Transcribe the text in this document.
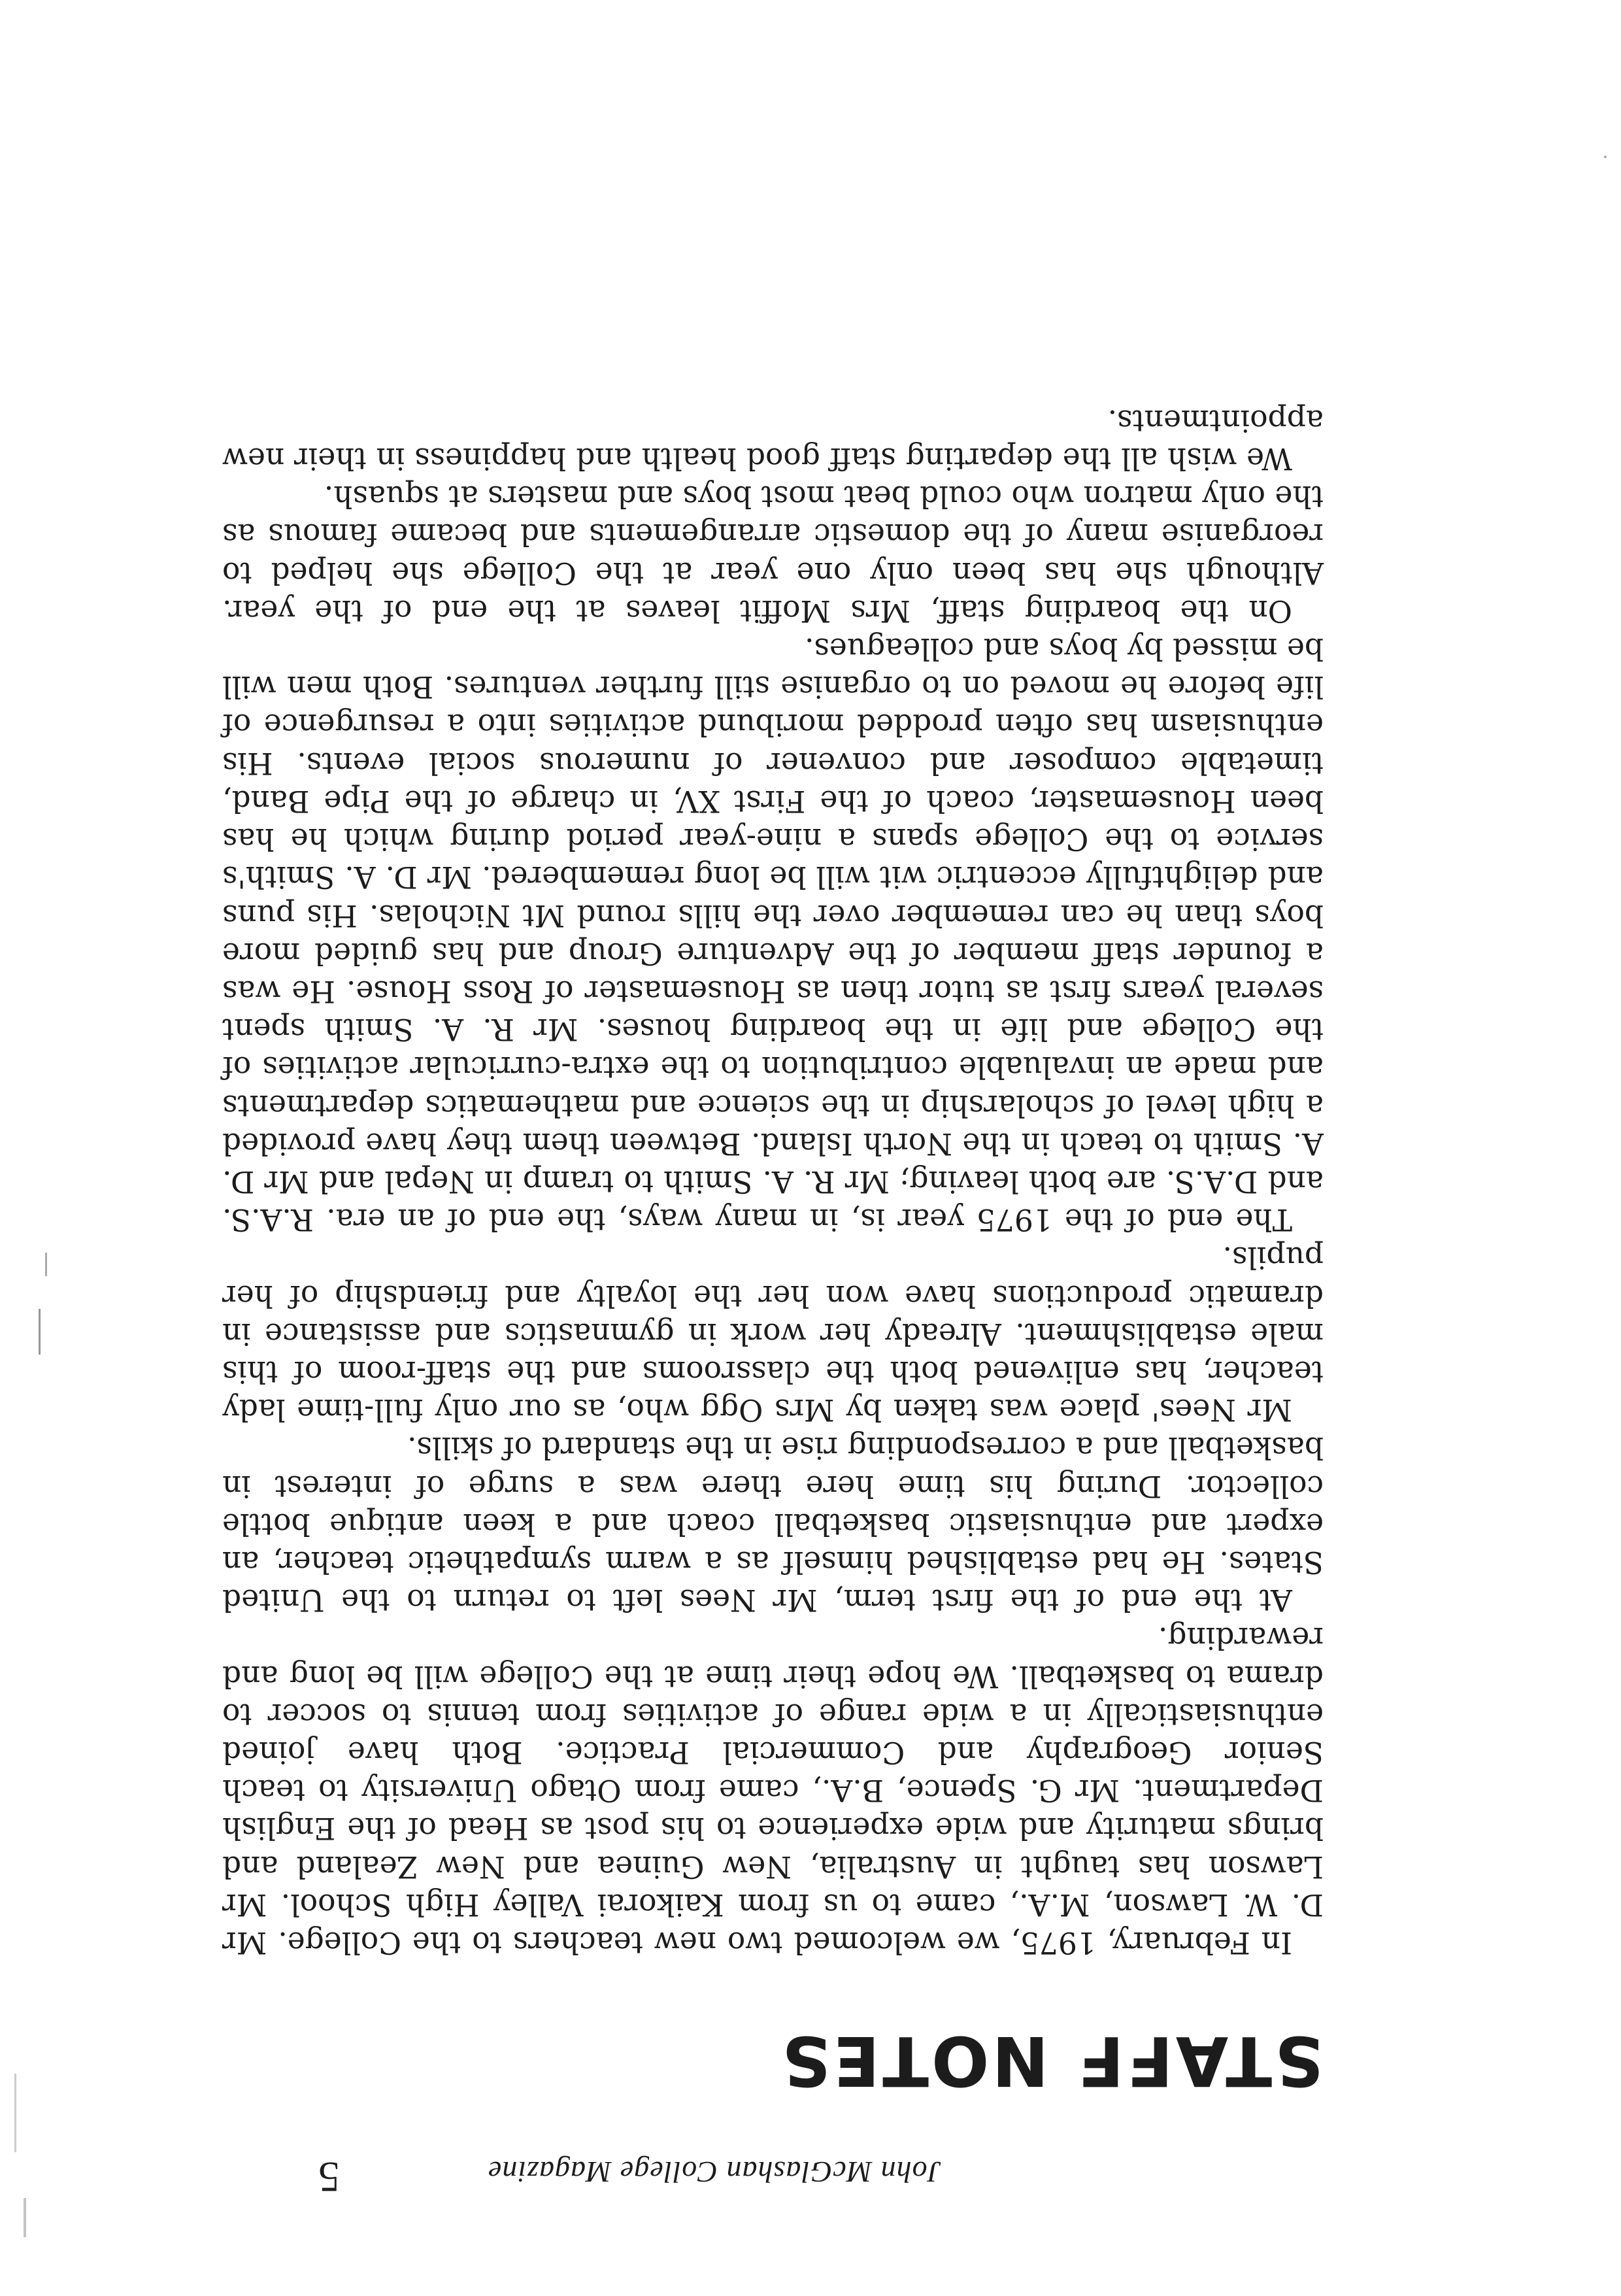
John McGlashan College Magazine
5
STAFF NOTES

In February, 1975, we welcomed two new teachers to the College. Mr D. W. Lawson, M.A., came to us from Kaikorai Valley High School. Mr Lawson has taught in Australia, New Guinea and New Zealand and brings maturity and wide experience to his post as Head of the English Department. Mr G. Spence, B.A., came from Otago University to teach Senior Geography and Commercial Practice. Both have joined enthusiastically in a wide range of activities from tennis to soccer to drama to basketball. We hope their time at the College will be long and rewarding.

At the end of the first term, Mr Nees left to return to the United States. He had established himself as a warm sympathetic teacher, an expert and enthusiastic basketball coach and a keen antique bottle collector. During his time here there was a surge of interest in basketball and a corresponding rise in the standard of skills.

Mr Nees' place was taken by Mrs Ogg who, as our only full-time lady teacher, has enlivened both the classrooms and the staff-room of this male establishment. Already her work in gymnastics and assistance in dramatic productions have won her the loyalty and friendship of her pupils.

The end of the 1975 year is, in many ways, the end of an era. R.A.S. and D.A.S. are both leaving; Mr R. A. Smith to tramp in Nepal and Mr D. A. Smith to teach in the North Island. Between them they have provided a high level of scholarship in the science and mathematics departments and made an invaluable contribution to the extra-curricular activities of the College and life in the boarding houses. Mr R. A. Smith spent several years first as tutor then as Housemaster of Ross House. He was a founder staff member of the Adventure Group and has guided more boys than he can remember over the hills round Mt Nicholas. His puns and delightfully eccentric wit will be long remembered. Mr D. A. Smith's service to the College spans a nine-year period during which he has been Housemaster, coach of the First XV, in charge of the Pipe Band, timetable composer and convener of numerous social events. His enthusiasm has often prodded moribund activities into a resurgence of life before he moved on to organise still further ventures. Both men will be missed by boys and colleagues.

On the boarding staff, Mrs Moffit leaves at the end of the year. Although she has been only one year at the College she helped to reorganise many of the domestic arrangements and became famous as the only matron who could beat most boys and masters at squash.

We wish all the departing staff good health and happiness in their new appointments.
